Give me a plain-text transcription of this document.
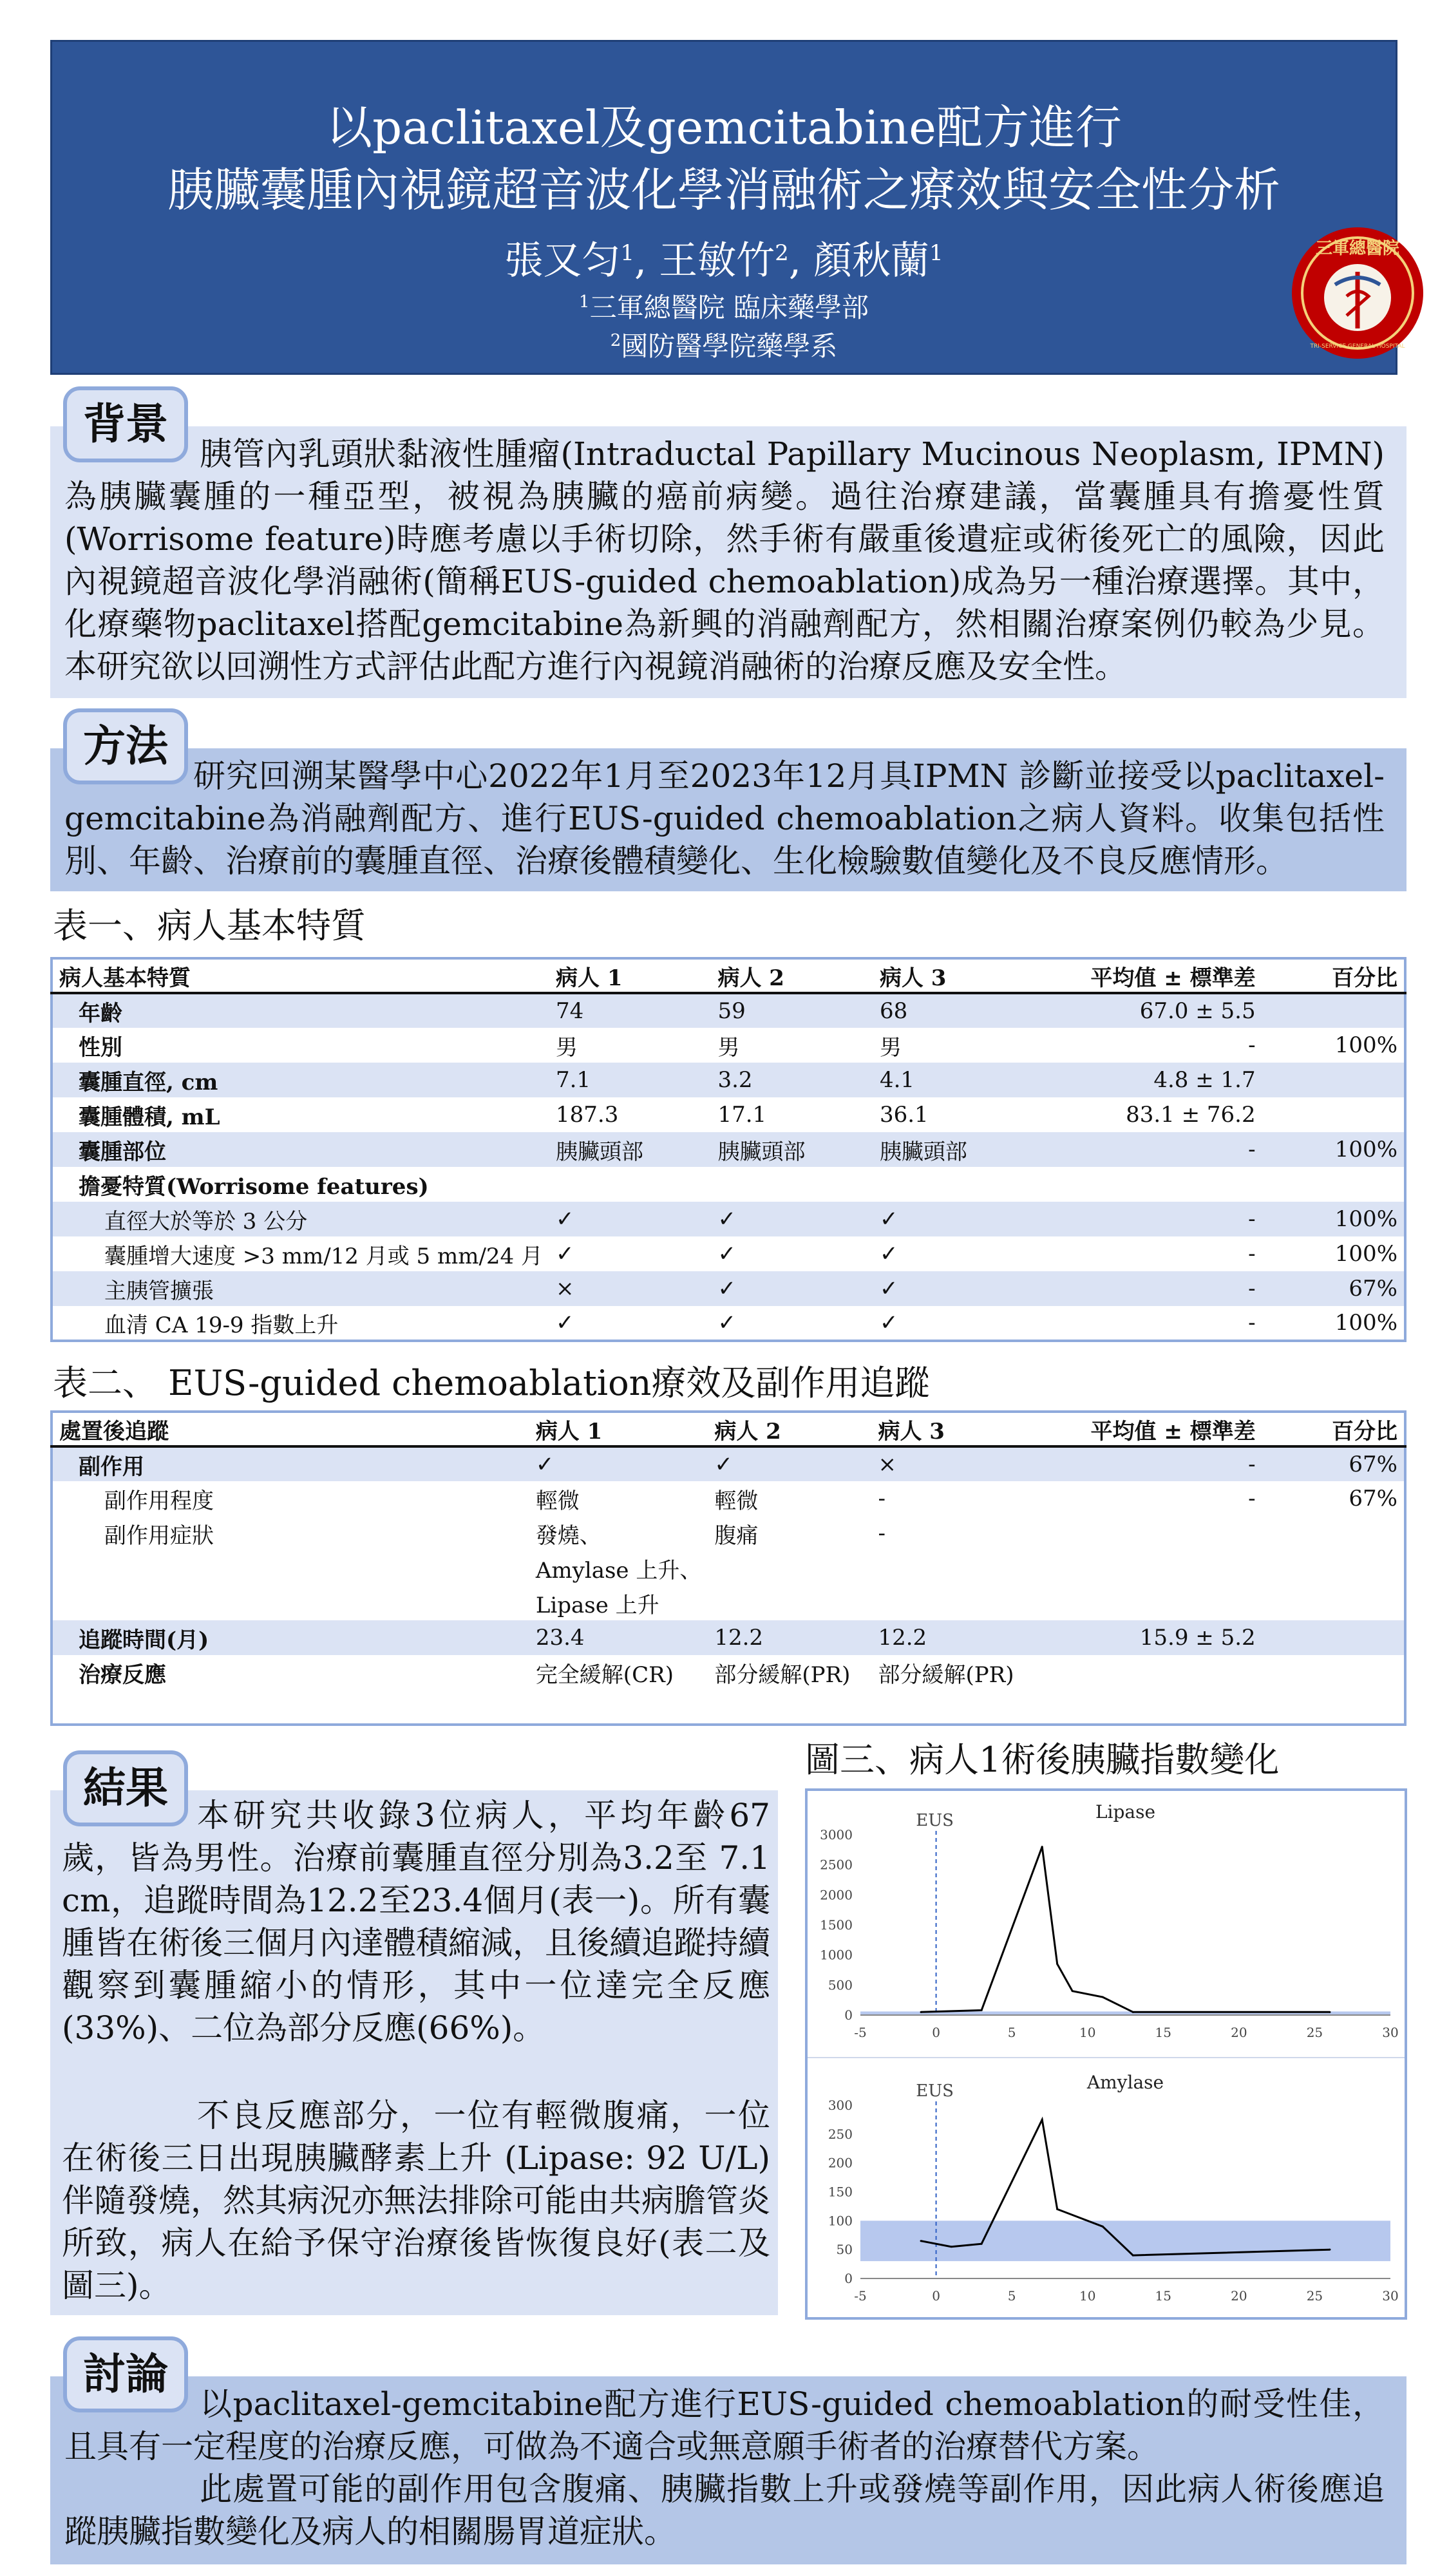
以paclitaxel及gemcitabine配方進行
胰臟囊腫內視鏡超音波化學消融術之療效與安全性分析
張又匀$^1$, 王敏竹$^2$, 顏秋蘭$^1$
$^1$三軍總醫院 臨床藥學部
$^2$國防醫學院藥學系
三軍總醫院
TRI-SERVICE GENERAL HOSPITAL
胰管內乳頭狀黏液性腫瘤(Intraductal Papillary Mucinous Neoplasm, IPMN)為胰臟囊腫的一種亞型，被視為胰臟的癌前病變。過往治療建議，當囊腫具有擔憂性質(Worrisome feature)時應考慮以手術切除，然手術有嚴重後遺症或術後死亡的風險，因此內視鏡超音波化學消融術(簡稱EUS-guided chemoablation)成為另一種治療選擇。其中，化療藥物paclitaxel搭配gemcitabine為新興的消融劑配方，然相關治療案例仍較為少見。本研究欲以回溯性方式評估此配方進行內視鏡消融術的治療反應及安全性。
背景
研究回溯某醫學中心2022年1月至2023年12月具IPMN 診斷並接受以paclitaxel-gemcitabine為消融劑配方、進行EUS-guided chemoablation之病人資料。收集包括性別、年齡、治療前的囊腫直徑、治療後體積變化、生化檢驗數值變化及不良反應情形。
方法
表一、病人基本特質
病人基本特質	病人 1	病人 2	病人 3	平均值 ± 標準差	百分比
年齡	74	59	68	67.0 ± 5.5	
性別	男	男	男	-	100%
囊腫直徑, cm	7.1	3.2	4.1	4.8 ± 1.7	
囊腫體積, mL	187.3	17.1	36.1	83.1 ± 76.2	
囊腫部位	胰臟頭部	胰臟頭部	胰臟頭部	-	100%
擔憂特質(Worrisome features)					
直徑大於等於 3 公分	✓	✓	✓	-	100%
囊腫增大速度 >3 mm/12 月或 5 mm/24 月	✓	✓	✓	-	100%
主胰管擴張	×	✓	✓	-	67%
血清 CA 19-9 指數上升	✓	✓	✓	-	100%
表二、 EUS-guided chemoablation療效及副作用追蹤
處置後追蹤	病人 1	病人 2	病人 3	平均值 ± 標準差	百分比
副作用	✓	✓	×	-	67%
副作用程度	輕微	輕微	-	-	67%
副作用症狀	發燒、	腹痛	-		
	Amylase 上升、				
	Lipase 上升				
追蹤時間(月)	23.4	12.2	12.2	15.9 ± 5.2	
治療反應	完全緩解(CR)	部分緩解(PR)	部分緩解(PR)		

本研究共收錄3位病人，平均年齡67歲，皆為男性。治療前囊腫直徑分別為3.2至 7.1 cm，追蹤時間為12.2至23.4個月(表一)。所有囊腫皆在術後三個月內達體積縮減，且後續追蹤持續觀察到囊腫縮小的情形，其中一位達完全反應(33%)、二位為部分反應(66%)。
不良反應部分，一位有輕微腹痛，一位在術後三日出現胰臟酵素上升 (Lipase: 92 U/L) 伴隨發燒，然其病況亦無法排除可能由共病膽管炎所致，病人在給予保守治療後皆恢復良好(表二及圖三)。
結果
圖三、病人1術後胰臟指數變化
Lipase
0
500
1000
1500
2000
2500
3000
-5	0	5	10	15	20	25	30
EUS
Amylase
0
50
100
150
200
250
300
-5	0	5	10	15	20	25	30
EUS
以paclitaxel-gemcitabine配方進行EUS-guided chemoablation的耐受性佳，且具有一定程度的治療反應，可做為不適合或無意願手術者的治療替代方案。
此處置可能的副作用包含腹痛、胰臟指數上升或發燒等副作用，因此病人術後應追蹤胰臟指數變化及病人的相關腸胃道症狀。
討論
